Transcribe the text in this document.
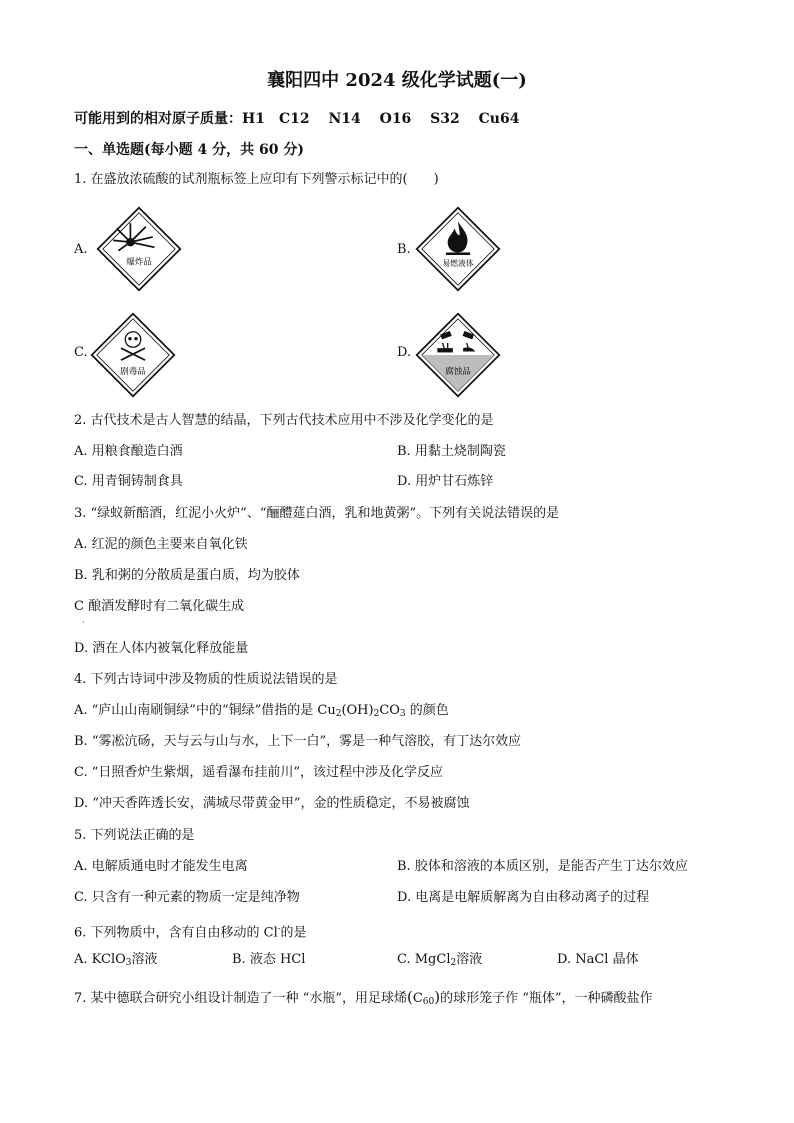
襄阳四中 2024 级化学试题(一)
可能用到的相对原子质量：H1　C12　 N14　 O16　 S32　 Cu64
一、单选题(每小题 4 分，共 60 分)
1. 在盛放浓硫酸的试剂瓶标签上应印有下列警示标记中的(　　)
A.
爆炸品
B.
易燃液体
C.
剧毒品
D.
腐蚀品
2. 古代技术是古人智慧的结晶，下列古代技术应用中不涉及化学变化的是
A. 用粮食酿造白酒	B. 用黏土烧制陶瓷
C. 用青铜铸制食具	D. 用炉甘石炼锌
3. “绿蚁新醅酒，红泥小火炉”、“酾醴莚白酒，乳和地黄粥”。下列有关说法错误的是
A. 红泥的颜色主要来自氧化铁
B. 乳和粥的分散质是蛋白质，均为胶体
C 酿酒发酵时有二氧化碳生成
·
D. 酒在人体内被氧化释放能量
4. 下列古诗词中涉及物质的性质说法错误的是
A. “庐山山南刷铜绿”中的“铜绿”借指的是 $Cu_2(OH)_2CO_3$ 的颜色
B. “雾凇沆砀，天与云与山与水，上下一白”，雾是一种气溶胶，有丁达尔效应
C. “日照香炉生紫烟，遥看瀑布挂前川”，该过程中涉及化学反应
D. “冲天香阵透长安，满城尽带黄金甲”，金的性质稳定，不易被腐蚀
5. 下列说法正确的是
A. 电解质通电时才能发生电离	B. 胶体和溶液的本质区别，是能否产生丁达尔效应
C. 只含有一种元素的物质一定是纯净物	D. 电离是电解质解离为自由移动离子的过程
6. 下列物质中，含有自由移动的 Cl-的是
A. KClO$_3$溶液	B. 液态 HCl	C. MgCl$_2$溶液	D. NaCl 晶体
7. 某中德联合研究小组设计制造了一种 “水瓶”，用足球烯$(C_{60})$的球形笼子作 “瓶体”，一种磷酸盐作
